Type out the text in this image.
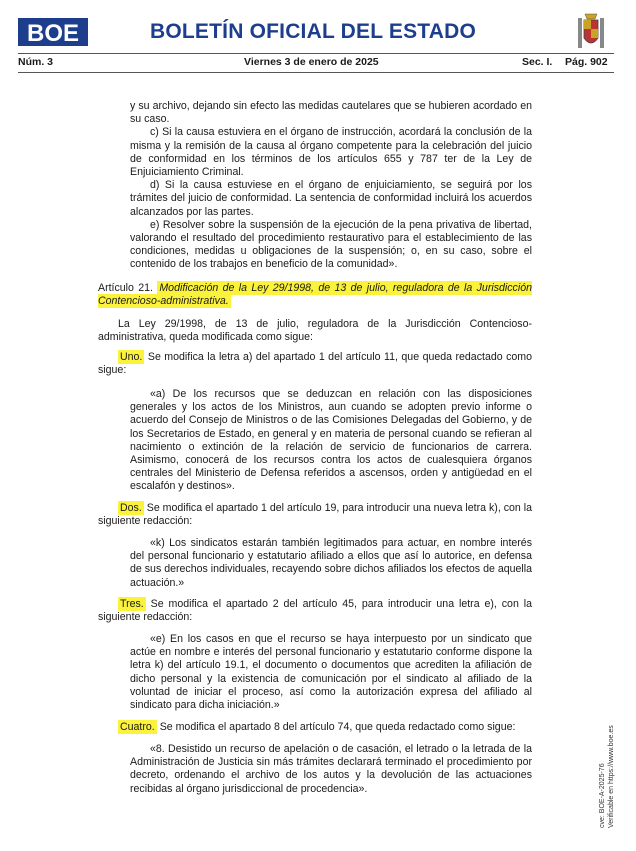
BOE	BOLETÍN OFICIAL DEL ESTADO
Núm. 3	Viernes 3 de enero de 2025	Sec. I. Pág. 902

y su archivo, dejando sin efecto las medidas cautelares que se hubieren acordado en su caso.

c) Si la causa estuviera en el órgano de instrucción, acordará la conclusión de la misma y la remisión de la causa al órgano competente para la celebración del juicio de conformidad en los términos de los artículos 655 y 787 ter de la Ley de Enjuiciamiento Criminal.

d) Si la causa estuviese en el órgano de enjuiciamiento, se seguirá por los trámites del juicio de conformidad. La sentencia de conformidad incluirá los acuerdos alcanzados por las partes.

e) Resolver sobre la suspensión de la ejecución de la pena privativa de libertad, valorando el resultado del procedimiento restaurativo para el establecimiento de las condiciones, medidas u obligaciones de la suspensión; o, en su caso, sobre el contenido de los trabajos en beneficio de la comunidad».

Artículo 21. Modificación de la Ley 29/1998, de 13 de julio, reguladora de la Jurisdicción Contencioso-administrativa.

La Ley 29/1998, de 13 de julio, reguladora de la Jurisdicción Contencioso-administrativa, queda modificada como sigue:

Uno. Se modifica la letra a) del apartado 1 del artículo 11, que queda redactado como sigue:

«a) De los recursos que se deduzcan en relación con las disposiciones generales y los actos de los Ministros, aun cuando se adopten previo informe o acuerdo del Consejo de Ministros o de las Comisiones Delegadas del Gobierno, y de los Secretarios de Estado, en general y en materia de personal cuando se refieran al nacimiento o extinción de la relación de servicio de funcionarios de carrera. Asimismo, conocerá de los recursos contra los actos de cualesquiera órganos centrales del Ministerio de Defensa referidos a ascensos, orden y antigüedad en el escalafón y destinos».

Dos. Se modifica el apartado 1 del artículo 19, para introducir una nueva letra k), con la siguiente redacción:

«k) Los sindicatos estarán también legitimados para actuar, en nombre interés del personal funcionario y estatutario afiliado a ellos que así lo autorice, en defensa de sus derechos individuales, recayendo sobre dichos afiliados los efectos de aquella actuación.»

Tres. Se modifica el apartado 2 del artículo 45, para introducir una letra e), con la siguiente redacción:

«e) En los casos en que el recurso se haya interpuesto por un sindicato que actúe en nombre e interés del personal funcionario y estatutario conforme dispone la letra k) del artículo 19.1, el documento o documentos que acrediten la afiliación de dicho personal y la existencia de comunicación por el sindicato al afiliado de la voluntad de iniciar el proceso, así como la autorización expresa del afiliado al sindicato para dicha iniciación.»

Cuatro. Se modifica el apartado 8 del artículo 74, que queda redactado como sigue:

«8. Desistido un recurso de apelación o de casación, el letrado o la letrada de la Administración de Justicia sin más trámites declarará terminado el procedimiento por decreto, ordenando el archivo de los autos y la devolución de las actuaciones recibidas al órgano jurisdiccional de procedencia».	cve: BOE-A-2025-76 Verificable en https://www.boe.es
